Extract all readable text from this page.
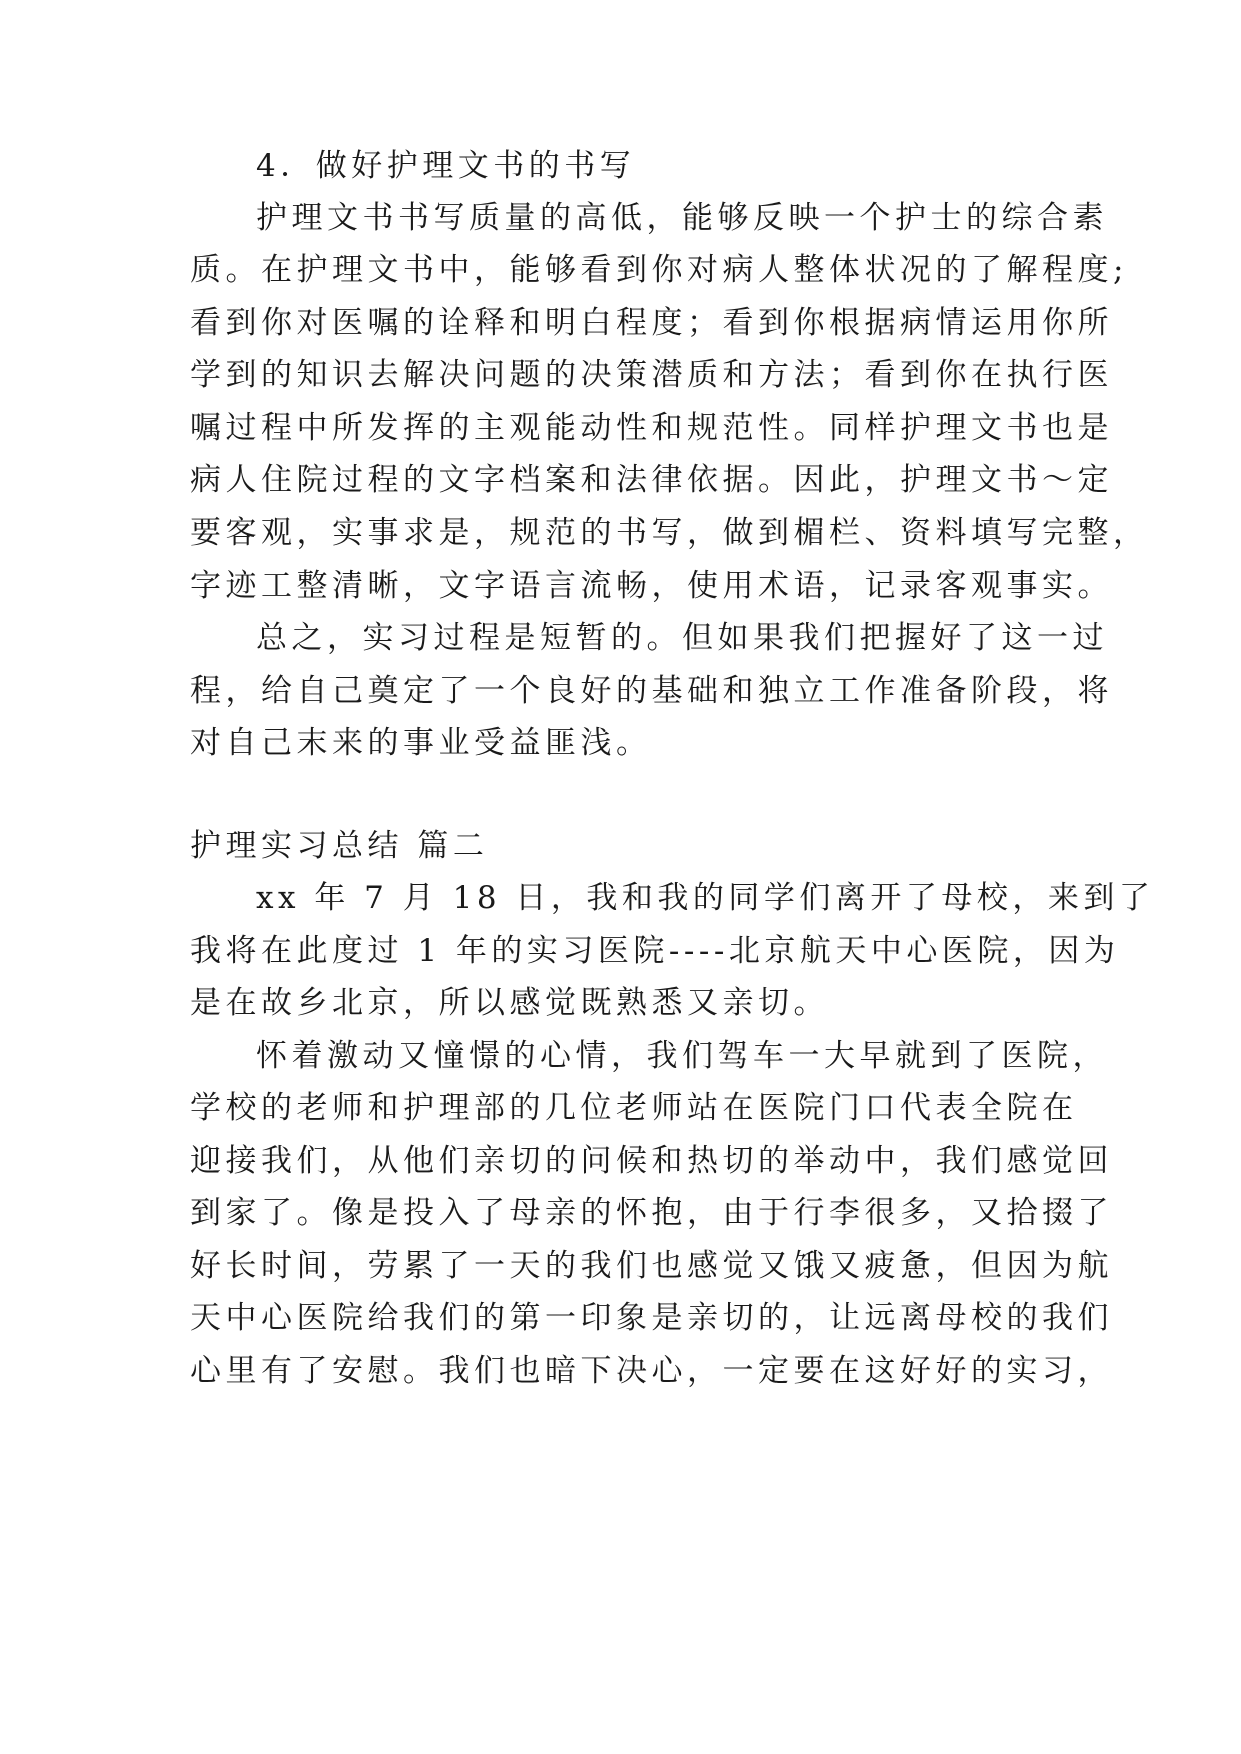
4．做好护理文书的书写
护理文书书写质量的高低，能够反映一个护士的综合素
质。在护理文书中，能够看到你对病人整体状况的了解程度;
看到你对医嘱的诠释和明白程度；看到你根据病情运用你所
学到的知识去解决问题的决策潜质和方法；看到你在执行医
嘱过程中所发挥的主观能动性和规范性。同样护理文书也是
病人住院过程的文字档案和法律依据。因此，护理文书～定
要客观，实事求是，规范的书写，做到楣栏、资料填写完整，
字迹工整清晰，文字语言流畅，使用术语，记录客观事实。
总之，实习过程是短暂的。但如果我们把握好了这一过
程，给自己奠定了一个良好的基础和独立工作准备阶段，将
对自己末来的事业受益匪浅。
护理实习总结 篇二
xx 年 7 月 18 日，我和我的同学们离开了母校，来到了
我将在此度过 1 年的实习医院----北京航天中心医院，因为
是在故乡北京，所以感觉既熟悉又亲切。
怀着激动又憧憬的心情，我们驾车一大早就到了医院，
学校的老师和护理部的几位老师站在医院门口代表全院在
迎接我们，从他们亲切的问候和热切的举动中，我们感觉回
到家了。像是投入了母亲的怀抱，由于行李很多，又拾掇了
好长时间，劳累了一天的我们也感觉又饿又疲惫，但因为航
天中心医院给我们的第一印象是亲切的，让远离母校的我们
心里有了安慰。我们也暗下决心，一定要在这好好的实习，
